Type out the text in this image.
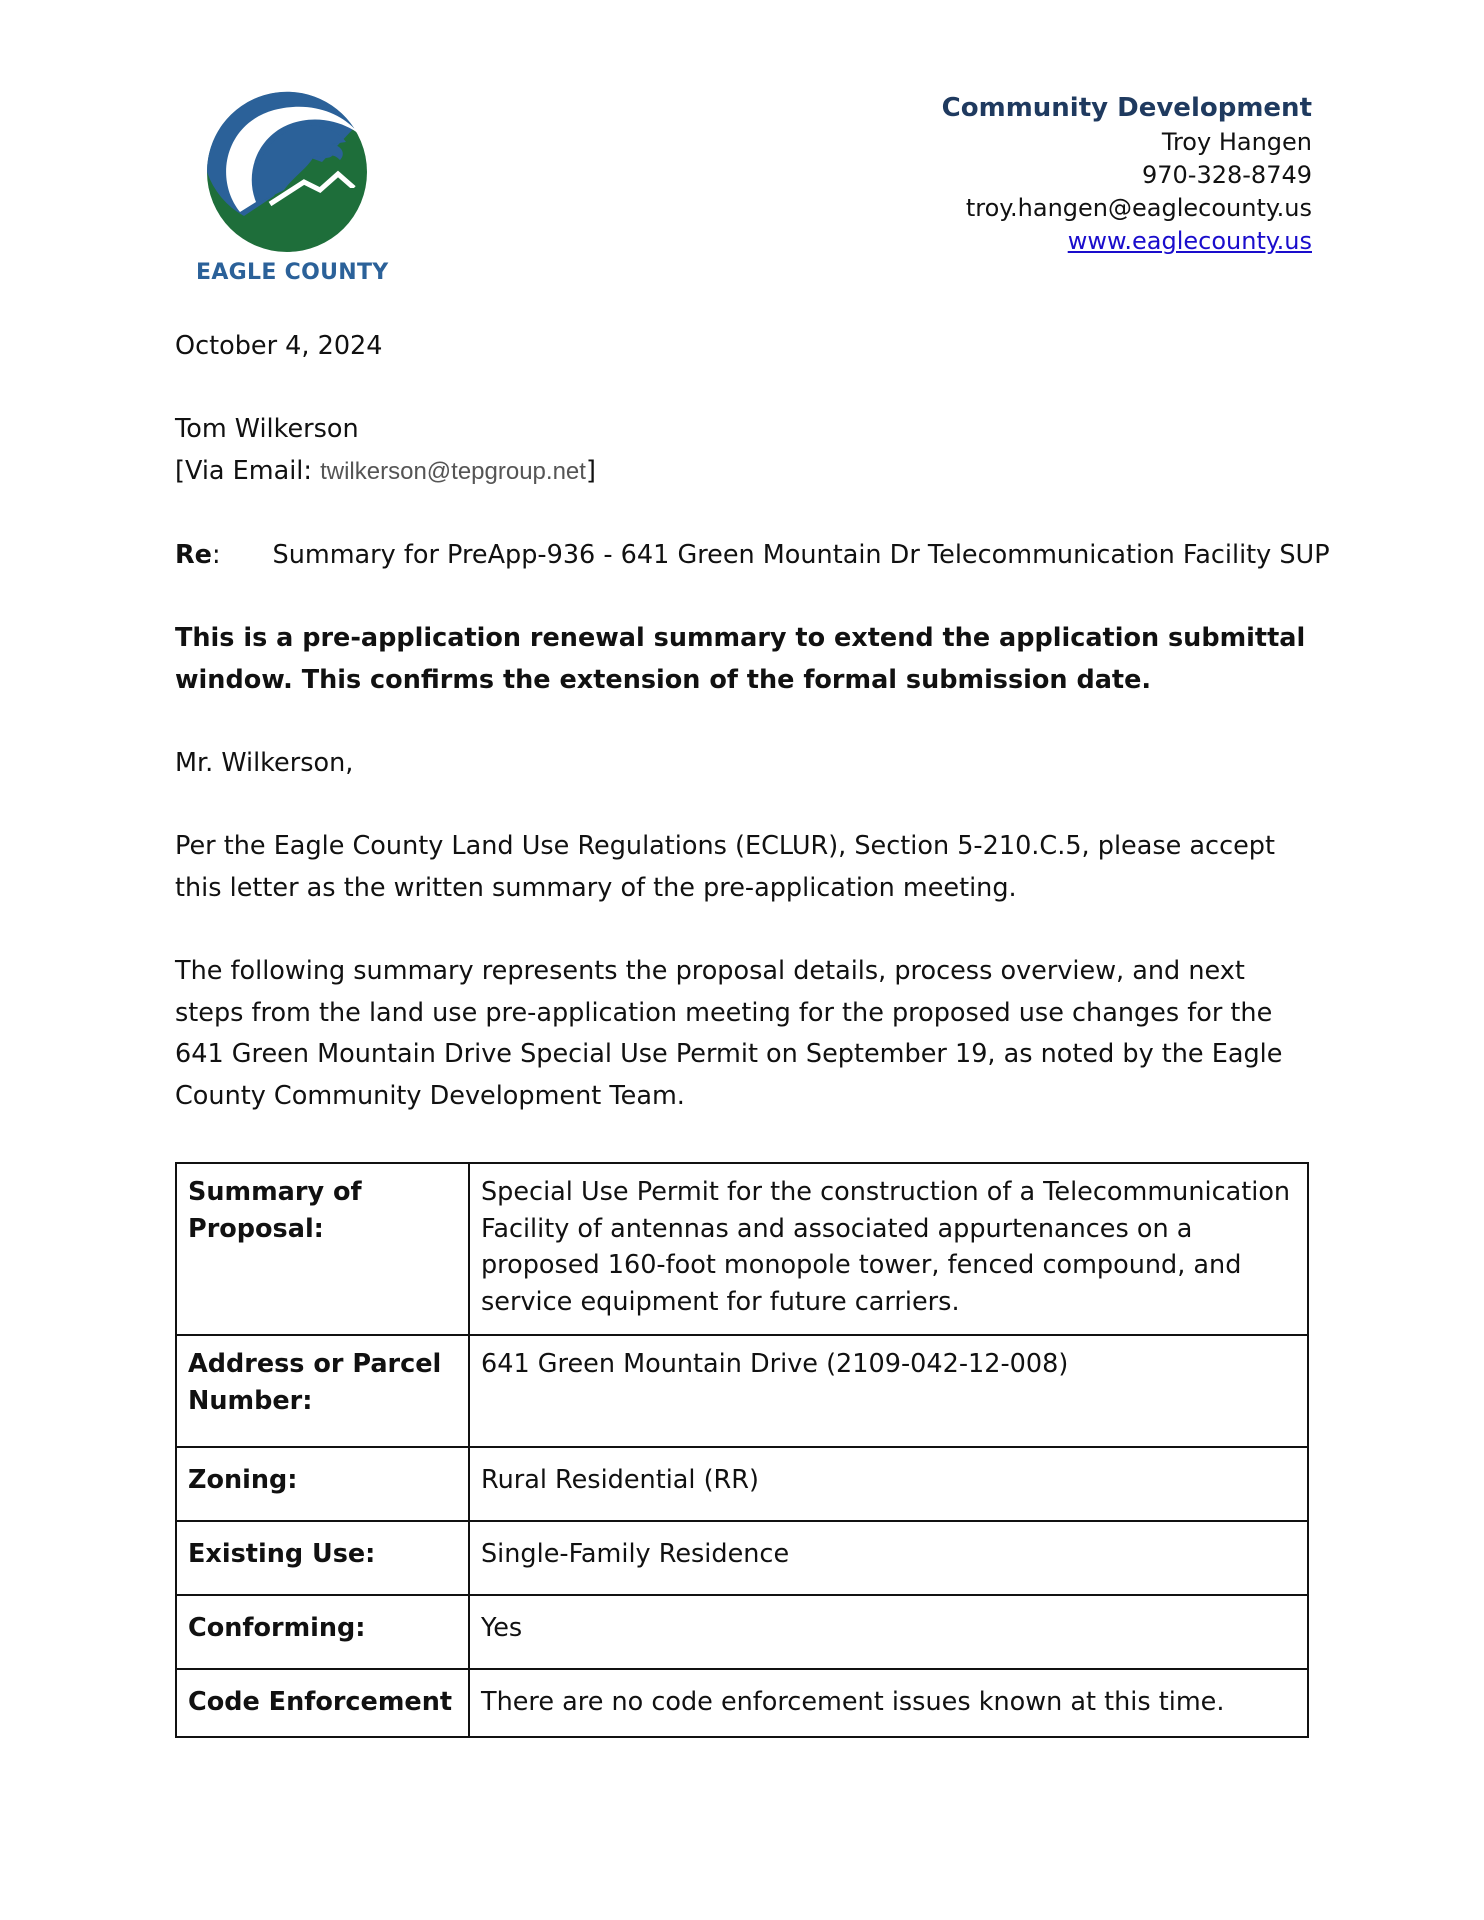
EAGLE COUNTY
Community Development
Troy Hangen
970-328-8749
troy.hangen@eaglecounty.us
www.eaglecounty.us
October 4, 2024
Tom Wilkerson
[Via Email: twilkerson@tepgroup.net]
Re: Summary for PreApp-936 - 641 Green Mountain Dr Telecommunication Facility SUP
This is a pre-application renewal summary to extend the application submittal window. This confirms the extension of the formal submission date.
Mr. Wilkerson,
Per the Eagle County Land Use Regulations (ECLUR), Section 5-210.C.5, please accept this letter as the written summary of the pre-application meeting.
The following summary represents the proposal details, process overview, and next steps from the land use pre-application meeting for the proposed use changes for the 641 Green Mountain Drive Special Use Permit on September 19, as noted by the Eagle County Community Development Team.
Summary of Proposal:	Special Use Permit for the construction of a Telecommunication Facility of antennas and associated appurtenances on a proposed 160-foot monopole tower, fenced compound, and service equipment for future carriers.
Address or Parcel Number:	641 Green Mountain Drive (2109-042-12-008)
Zoning:	Rural Residential (RR)
Existing Use:	Single-Family Residence
Conforming:	Yes
Code Enforcement	There are no code enforcement issues known at this time.
